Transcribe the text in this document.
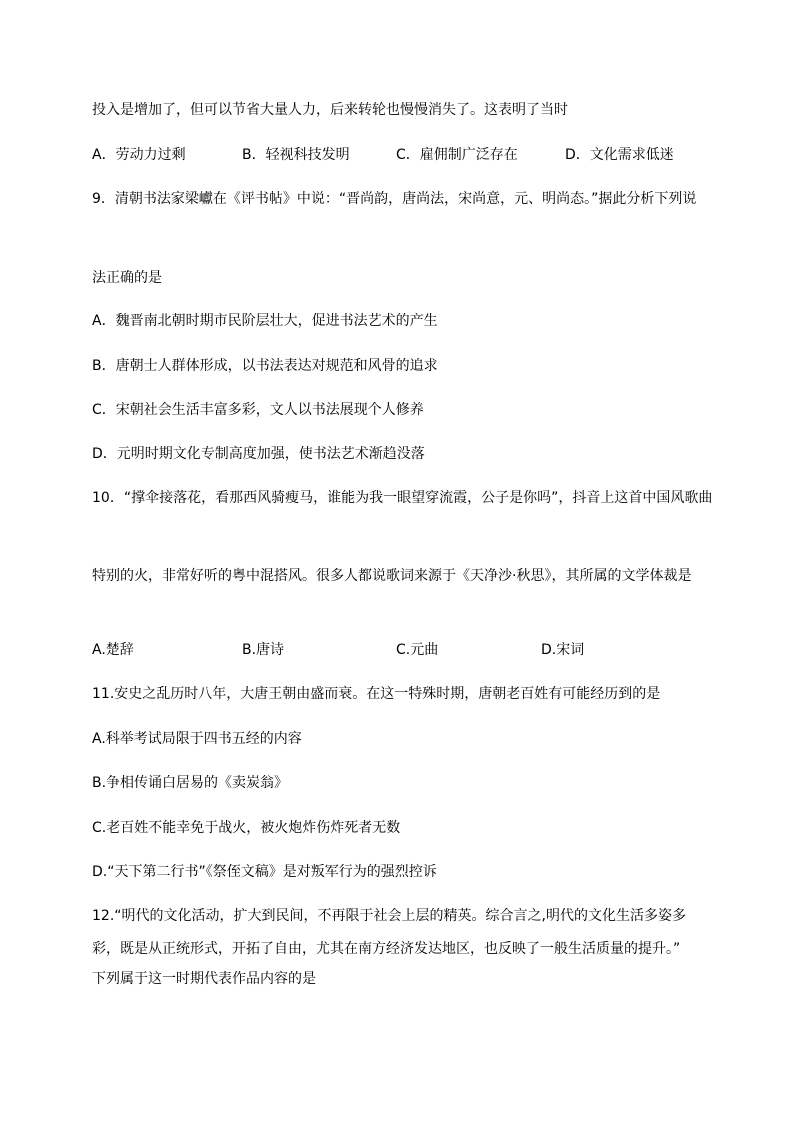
投入是增加了，但可以节省大量人力，后来转轮也慢慢消失了。这表明了当时
A．劳动力过剩	B．轻视科技发明	C．雇佣制广泛存在	D．文化需求低迷
9．清朝书法家梁巘在《评书帖》中说：“晋尚韵，唐尚法，宋尚意，元、明尚态。”据此分析下列说
法正确的是
A．魏晋南北朝时期市民阶层壮大，促进书法艺术的产生
B．唐朝士人群体形成，以书法表达对规范和风骨的追求
C．宋朝社会生活丰富多彩，文人以书法展现个人修养
D．元明时期文化专制高度加强，使书法艺术渐趋没落
10．“撑伞接落花，看那西风骑瘦马，谁能为我一眼望穿流霞，公子是你吗”，抖音上这首中国风歌曲
特别的火，非常好听的粤中混搭风。很多人都说歌词来源于《天净沙·秋思》，其所属的文学体裁是
A.楚辞	B.唐诗	C.元曲	D.宋词
11.安史之乱历时八年，大唐王朝由盛而衰。在这一特殊时期，唐朝老百姓有可能经历到的是
A.科举考试局限于四书五经的内容
B.争相传诵白居易的《卖炭翁》
C.老百姓不能幸免于战火，被火炮炸伤炸死者无数
D.“天下第二行书”《祭侄文稿》是对叛军行为的强烈控诉
12.“明代的文化活动，扩大到民间，不再限于社会上层的精英。综合言之,明代的文化生活多姿多
彩，既是从正统形式，开拓了自由，尤其在南方经济发达地区，也反映了一般生活质量的提升。”
下列属于这一时期代表作品内容的是
